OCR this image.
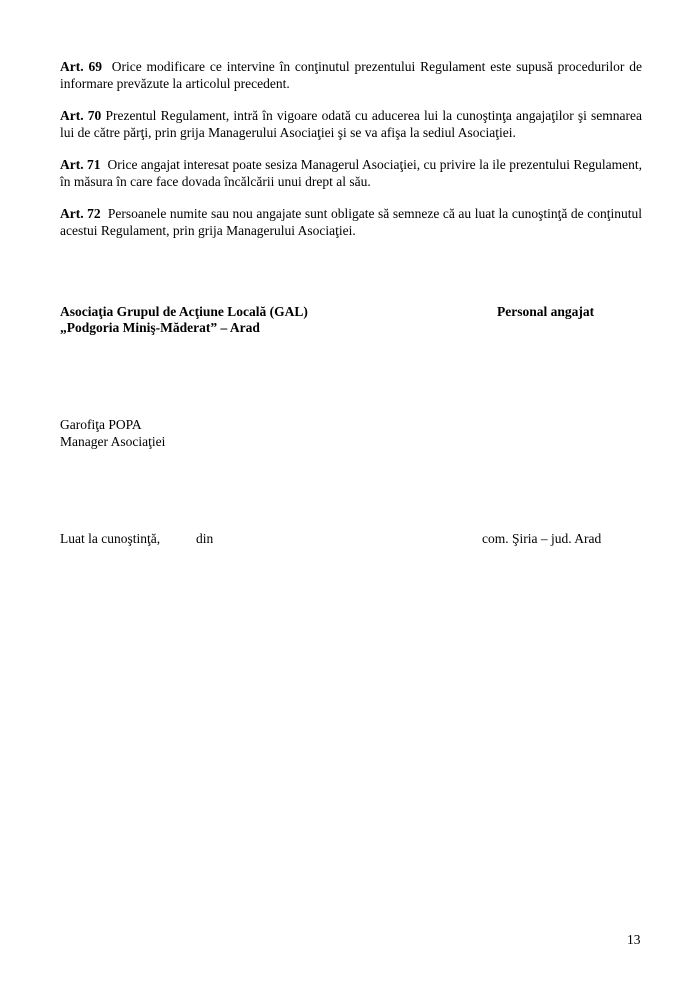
Art. 69 Orice modificare ce intervine în conţinutul prezentului Regulament este supusă procedurilor de informare prevăzute la articolul precedent.

Art. 70 Prezentul Regulament, intră în vigoare odată cu aducerea lui la cunoştinţa angajaţilor şi semnarea lui de către părţi, prin grija Managerului Asociaţiei şi se va afişa la sediul Asociaţiei.

Art. 71 Orice angajat interesat poate sesiza Managerul Asociaţiei, cu privire la ile prezentului Regulament, în măsura în care face dovada încălcării unui drept al său.

Art. 72 Persoanele numite sau nou angajate sunt obligate să semneze că au luat la cunoştinţă de conţinutul acestui Regulament, prin grija Managerului Asociaţiei.

Asociaţia Grupul de Acţiune Locală (GAL)
„Podgoria Miniş-Măderat” – Arad
Personal angajat
Garofiţa POPA
Manager Asociaţiei
Luat la cunoştinţă,	din	com. Şiria – jud. Arad
13
